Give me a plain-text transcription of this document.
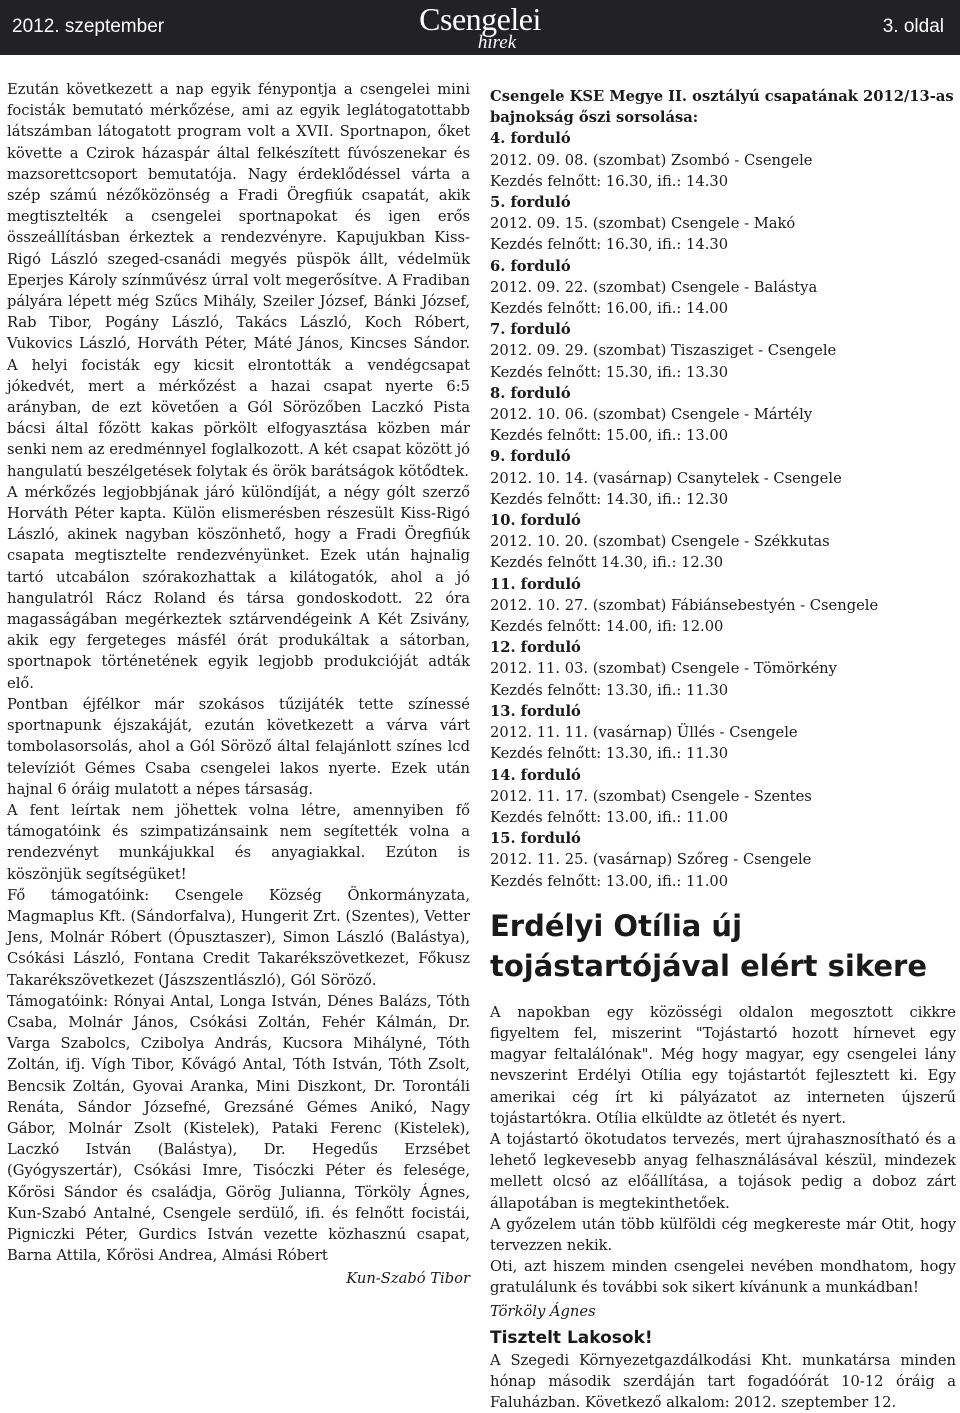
2012. szeptember	Csengelei
hírek
3. oldal

Ezután következett a nap egyik fénypontja a csengelei mini focisták bemutató mérkőzése, ami az egyik leglátogatottabb látszámban látogatott program volt a XVII. Sportnapon, őket követte a Czirok házaspár által felkészített fúvószenekar és mazsorettcsoport bemutatója. Nagy érdeklődéssel várta a szép számú nézőközönség a Fradi Öregfiúk csapatát, akik megtisztelték a csengelei sportnapokat és igen erős összeállításban érkeztek a rendezvényre. Kapujukban Kiss-Rigó László szeged-csanádi megyés püspök állt, védelmük Eperjes Károly színművész úrral volt megerősítve. A Fradiban pályára lépett még Szűcs Mihály, Szeiler József, Bánki József, Rab Tibor, Pogány László, Takács László, Koch Róbert, Vukovics László, Horváth Péter, Máté János, Kincses Sándor. A helyi focisták egy kicsit elrontották a vendégcsapat jókedvét, mert a mérkőzést a hazai csapat nyerte 6:5 arányban, de ezt követően a Gól Sörözőben Laczkó Pista bácsi által főzött kakas pörkölt elfogyasztása közben már senki nem az eredménnyel foglalkozott. A két csapat között jó hangulatú beszélgetések folytak és örök barátságok kötődtek.

A mérkőzés legjobbjának járó különdíját, a négy gólt szerző Horváth Péter kapta. Külön elismerésben részesült Kiss-Rigó László, akinek nagyban köszönhető, hogy a Fradi Öregfiúk csapata megtisztelte rendezvényünket. Ezek után hajnalig tartó utcabálon szórakozhattak a kilátogatók, ahol a jó hangulatról Rácz Roland és társa gondoskodott. 22 óra magasságában megérkeztek sztárvendégeink A Két Zsivány, akik egy fergeteges másfél órát produkáltak a sátorban, sportnapok történetének egyik legjobb produkcióját adták elő.

Pontban éjfélkor már szokásos tűzijáték tette színessé sportnapunk éjszakáját, ezután következett a várva várt tombolasorsolás, ahol a Gól Söröző által felajánlott színes lcd televíziót Gémes Csaba csengelei lakos nyerte. Ezek után hajnal 6 óráig mulatott a népes társaság.

A fent leírtak nem jöhettek volna létre, amennyiben fő támogatóink és szimpatizánsaink nem segítették volna a rendezvényt munkájukkal és anyagiakkal. Ezúton is köszönjük segítségüket!

Fő támogatóink: Csengele Község Önkormányzata, Magmaplus Kft. (Sándorfalva), Hungerit Zrt. (Szentes), Vetter Jens, Molnár Róbert (Ópusztaszer), Simon László (Balástya), Csókási László, Fontana Credit Takarékszövetkezet, Főkusz Takarékszövetkezet (Jászszentlászló), Gól Söröző.

Támogatóink: Rónyai Antal, Longa István, Dénes Balázs, Tóth Csaba, Molnár János, Csókási Zoltán, Fehér Kálmán, Dr. Varga Szabolcs, Czibolya András, Kucsora Mihályné, Tóth Zoltán, ifj. Vígh Tibor, Kővágó Antal, Tóth István, Tóth Zsolt, Bencsik Zoltán, Gyovai Aranka, Mini Diszkont, Dr. Torontáli Renáta, Sándor Józsefné, Grezsáné Gémes Anikó, Nagy Gábor, Molnár Zsolt (Kistelek), Pataki Ferenc (Kistelek), Laczkó István (Balástya), Dr. Hegedűs Erzsébet (Gyógyszertár), Csókási Imre, Tisóczki Péter és felesége, Kőrösi Sándor és családja, Görög Julianna, Törköly Ágnes, Kun-Szabó Antalné, Csengele serdülő, ifi. és felnőtt focistái, Pigniczki Péter, Gurdics István vezette közhasznú csapat, Barna Attila, Kőrösi Andrea, Almási Róbert

Kun-Szabó Tibor

Csengele KSE Megye II. osztályú csapatának 2012/13-as bajnokság őszi sorsolása:

4. forduló

2012. 09. 08. (szombat) Zsombó - Csengele

Kezdés felnőtt: 16.30, ifi.: 14.30

5. forduló

2012. 09. 15. (szombat) Csengele - Makó

Kezdés felnőtt: 16.30, ifi.: 14.30

6. forduló

2012. 09. 22. (szombat) Csengele - Balástya

Kezdés felnőtt: 16.00, ifi.: 14.00

7. forduló

2012. 09. 29. (szombat) Tiszasziget - Csengele

Kezdés felnőtt: 15.30, ifi.: 13.30

8. forduló

2012. 10. 06. (szombat) Csengele - Mártély

Kezdés felnőtt: 15.00, ifi.: 13.00

9. forduló

2012. 10. 14. (vasárnap) Csanytelek - Csengele

Kezdés felnőtt: 14.30, ifi.: 12.30

10. forduló

2012. 10. 20. (szombat) Csengele - Székkutas

Kezdés felnőtt 14.30, ifi.: 12.30

11. forduló

2012. 10. 27. (szombat) Fábiánsebestyén - Csengele

Kezdés felnőtt: 14.00, ifi: 12.00

12. forduló

2012. 11. 03. (szombat) Csengele - Tömörkény

Kezdés felnőtt: 13.30, ifi.: 11.30

13. forduló

2012. 11. 11. (vasárnap) Üllés - Csengele

Kezdés felnőtt: 13.30, ifi.: 11.30

14. forduló

2012. 11. 17. (szombat) Csengele - Szentes

Kezdés felnőtt: 13.00, ifi.: 11.00

15. forduló

2012. 11. 25. (vasárnap) Szőreg - Csengele

Kezdés felnőtt: 13.00, ifi.: 11.00

Erdélyi Otília új tojástartójával elért sikere

A napokban egy közösségi oldalon megosztott cikkre figyeltem fel, miszerint "Tojástartó hozott hírnevet egy magyar feltalálónak". Még hogy magyar, egy csengelei lány nevszerint Erdélyi Otília egy tojástartót fejlesztett ki. Egy amerikai cég írt ki pályázatot az interneten újszerű tojástartókra. Otília elküldte az ötletét és nyert.

A tojástartó ökotudatos tervezés, mert újrahasznosítható és a lehető legkevesebb anyag felhasználásával készül, mindezek mellett olcsó az előállítása, a tojások pedig a doboz zárt állapotában is megtekinthetőek.

A győzelem után több külföldi cég megkereste már Otit, hogy tervezzen nekik.

Oti, azt hiszem minden csengelei nevében mondhatom, hogy gratulálunk és további sok sikert kívánunk a munkádban!

Törköly Ágnes

Tisztelt Lakosok!

A Szegedi Környezetgazdálkodási Kht. munkatársa minden hónap második szerdáján tart fogadóórát 10-12 óráig a Faluházban. Következő alkalom: 2012. szeptember 12.
